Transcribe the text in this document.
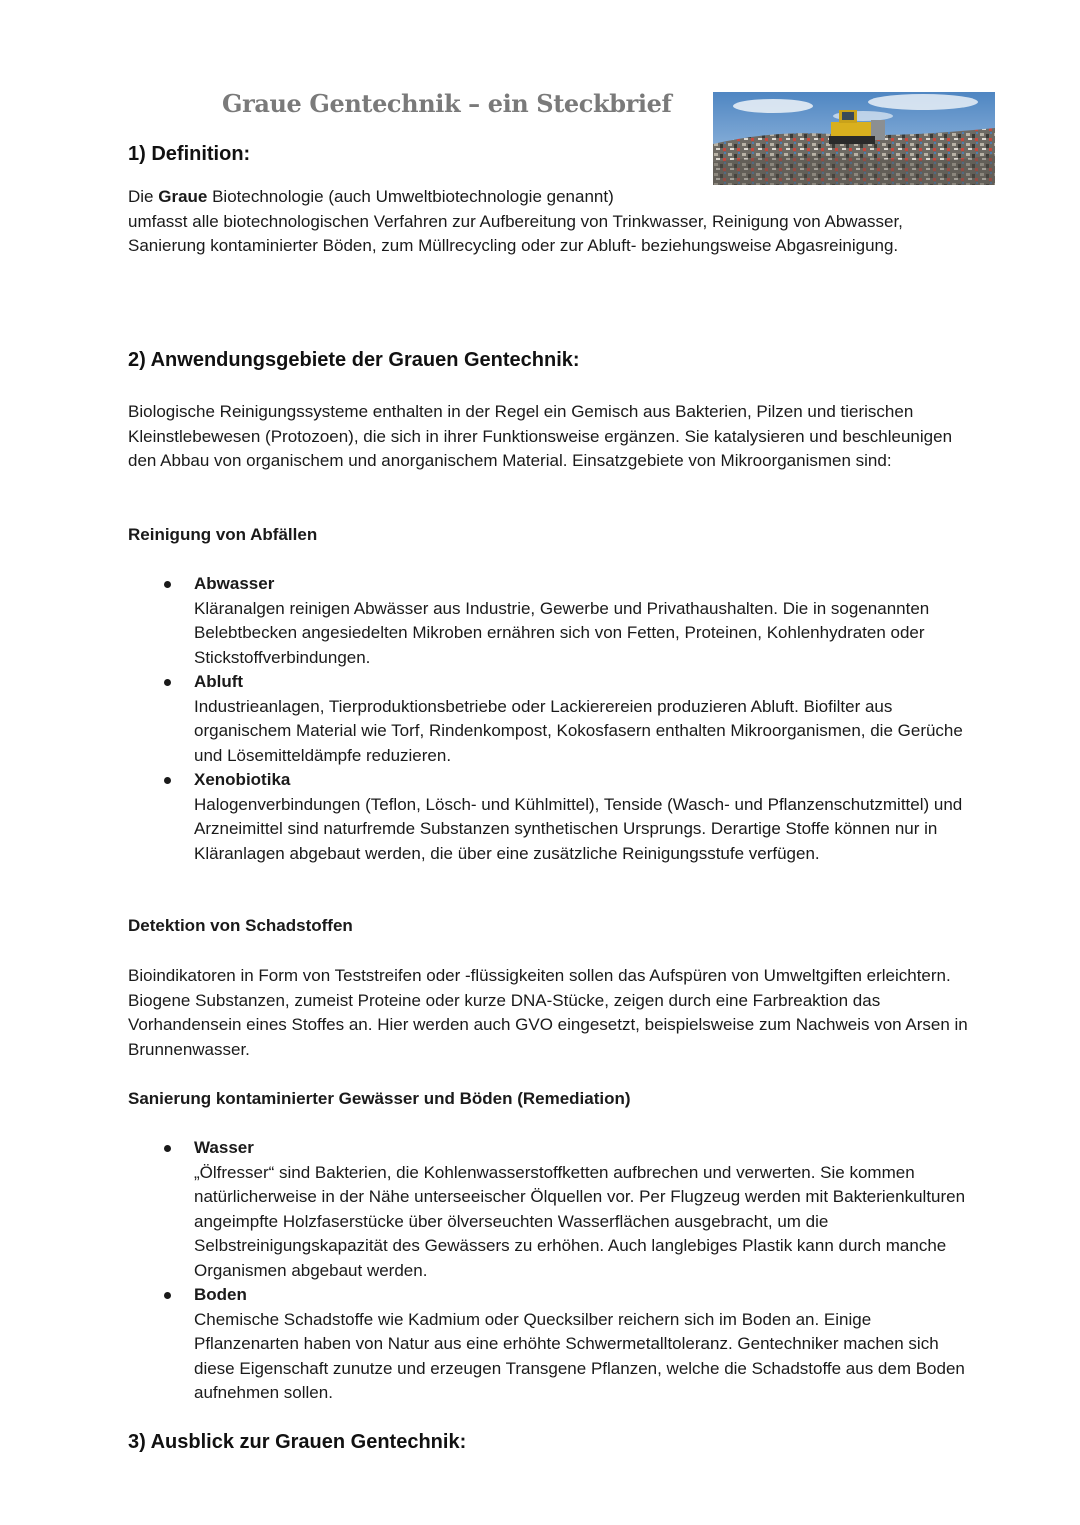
Graue Gentechnik – ein Steckbrief
1) Definition:

Die Graue Biotechnologie (auch Umweltbiotechnologie genannt)
umfasst alle biotechnologischen Verfahren zur Aufbereitung von Trinkwasser, Reinigung von Abwasser, Sanierung kontaminierter Böden, zum Müllrecycling oder zur Abluft- beziehungsweise Abgasreinigung.

2) Anwendungsgebiete der Grauen Gentechnik:

Biologische Reinigungssysteme enthalten in der Regel ein Gemisch aus Bakterien, Pilzen und tierischen Kleinstlebewesen (Protozoen), die sich in ihrer Funktionsweise ergänzen. Sie katalysieren und beschleunigen den Abbau von organischem und anorganischem Material. Einsatzgebiete von Mikroorganismen sind:

Reinigung von Abfällen
Abwasser
Kläranalgen reinigen Abwässer aus Industrie, Gewerbe und Privathaushalten. Die in sogenannten Belebtbecken angesiedelten Mikroben ernähren sich von Fetten, Proteinen, Kohlenhydraten oder Stickstoffverbindungen.
Abluft
Industrieanlagen, Tierproduktionsbetriebe oder Lackierereien produzieren Abluft. Biofilter aus organischem Material wie Torf, Rindenkompost, Kokosfasern enthalten Mikroorganismen, die Gerüche und Lösemitteldämpfe reduzieren.
Xenobiotika
Halogenverbindungen (Teflon, Lösch- und Kühlmittel), Tenside (Wasch- und Pflanzenschutzmittel) und Arzneimittel sind naturfremde Substanzen synthetischen Ursprungs. Derartige Stoffe können nur in Kläranlagen abgebaut werden, die über eine zusätzliche Reinigungsstufe verfügen.
Detektion von Schadstoffen

Bioindikatoren in Form von Teststreifen oder -flüssigkeiten sollen das Aufspüren von Umweltgiften erleichtern. Biogene Substanzen, zumeist Proteine oder kurze DNA-Stücke, zeigen durch eine Farbreaktion das Vorhandensein eines Stoffes an. Hier werden auch GVO eingesetzt, beispielsweise zum Nachweis von Arsen in Brunnenwasser.

Sanierung kontaminierter Gewässer und Böden (Remediation)
Wasser
„Ölfresser“ sind Bakterien, die Kohlenwasserstoffketten aufbrechen und verwerten. Sie kommen natürlicherweise in der Nähe unterseeischer Ölquellen vor. Per Flugzeug werden mit Bakterienkulturen angeimpfte Holzfaserstücke über ölverseuchten Wasserflächen ausgebracht, um die Selbstreinigungskapazität des Gewässers zu erhöhen. Auch langlebiges Plastik kann durch manche Organismen abgebaut werden.
Boden
Chemische Schadstoffe wie Kadmium oder Quecksilber reichern sich im Boden an. Einige Pflanzenarten haben von Natur aus eine erhöhte Schwermetalltoleranz. Gentechniker machen sich diese Eigenschaft zunutze und erzeugen Transgene Pflanzen, welche die Schadstoffe aus dem Boden aufnehmen sollen.
3) Ausblick zur Grauen Gentechnik:
